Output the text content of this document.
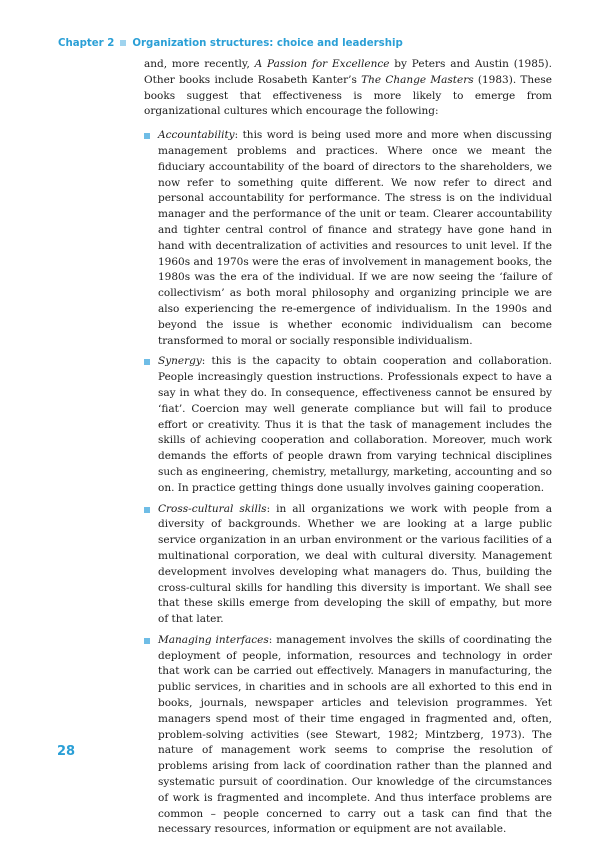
Chapter 2 Organization structures: choice and leadership

and, more recently, A Passion for Excellence by Peters and Austin (1985). Other books include Rosabeth Kanter’s The Change Masters (1983). These books suggest that effectiveness is more likely to emerge from organizational cultures which encourage the following:

Accountability: this word is being used more and more when discussing management problems and practices. Where once we meant the fiduciary accountability of the board of directors to the shareholders, we now refer to something quite different. We now refer to direct and personal accountability for performance. The stress is on the individual manager and the performance of the unit or team. Clearer accountability and tighter central control of finance and strategy have gone hand in hand with decentralization of activities and resources to unit level. If the 1960s and 1970s were the eras of involvement in management books, the 1980s was the era of the individual. If we are now seeing the ‘failure of collectivism’ as both moral philosophy and organizing principle we are also experiencing the re-emergence of individualism. In the 1990s and beyond the issue is whether economic individualism can become transformed to moral or socially responsible individualism.
Synergy: this is the capacity to obtain cooperation and collaboration. People increasingly question instructions. Professionals expect to have a say in what they do. In consequence, effectiveness cannot be ensured by ‘fiat’. Coercion may well generate compliance but will fail to produce effort or creativity. Thus it is that the task of management includes the skills of achieving cooperation and collaboration. Moreover, much work demands the efforts of people drawn from varying technical disciplines such as engineering, chemistry, metallurgy, marketing, accounting and so on. In practice getting things done usually involves gaining cooperation.
Cross-cultural skills: in all organizations we work with people from a diversity of backgrounds. Whether we are looking at a large public service organization in an urban environment or the various facilities of a multinational corporation, we deal with cultural diversity. Management development involves developing what managers do. Thus, building the cross-cultural skills for handling this diversity is important. We shall see that these skills emerge from developing the skill of empathy, but more of that later.
Managing interfaces: management involves the skills of coordinating the deployment of people, information, resources and technology in order that work can be carried out effectively. Managers in manufacturing, the public services, in charities and in schools are all exhorted to this end in books, journals, newspaper articles and television programmes. Yet managers spend most of their time engaged in fragmented and, often, problem-solving activities (see Stewart, 1982; Mintzberg, 1973). The nature of management work seems to comprise the resolution of problems arising from lack of coordination rather than the planned and systematic pursuit of coordination. Our knowledge of the circumstances of work is fragmented and incomplete. And thus interface problems are common – people concerned to carry out a task can find that the necessary resources, information or equipment are not available.
28
